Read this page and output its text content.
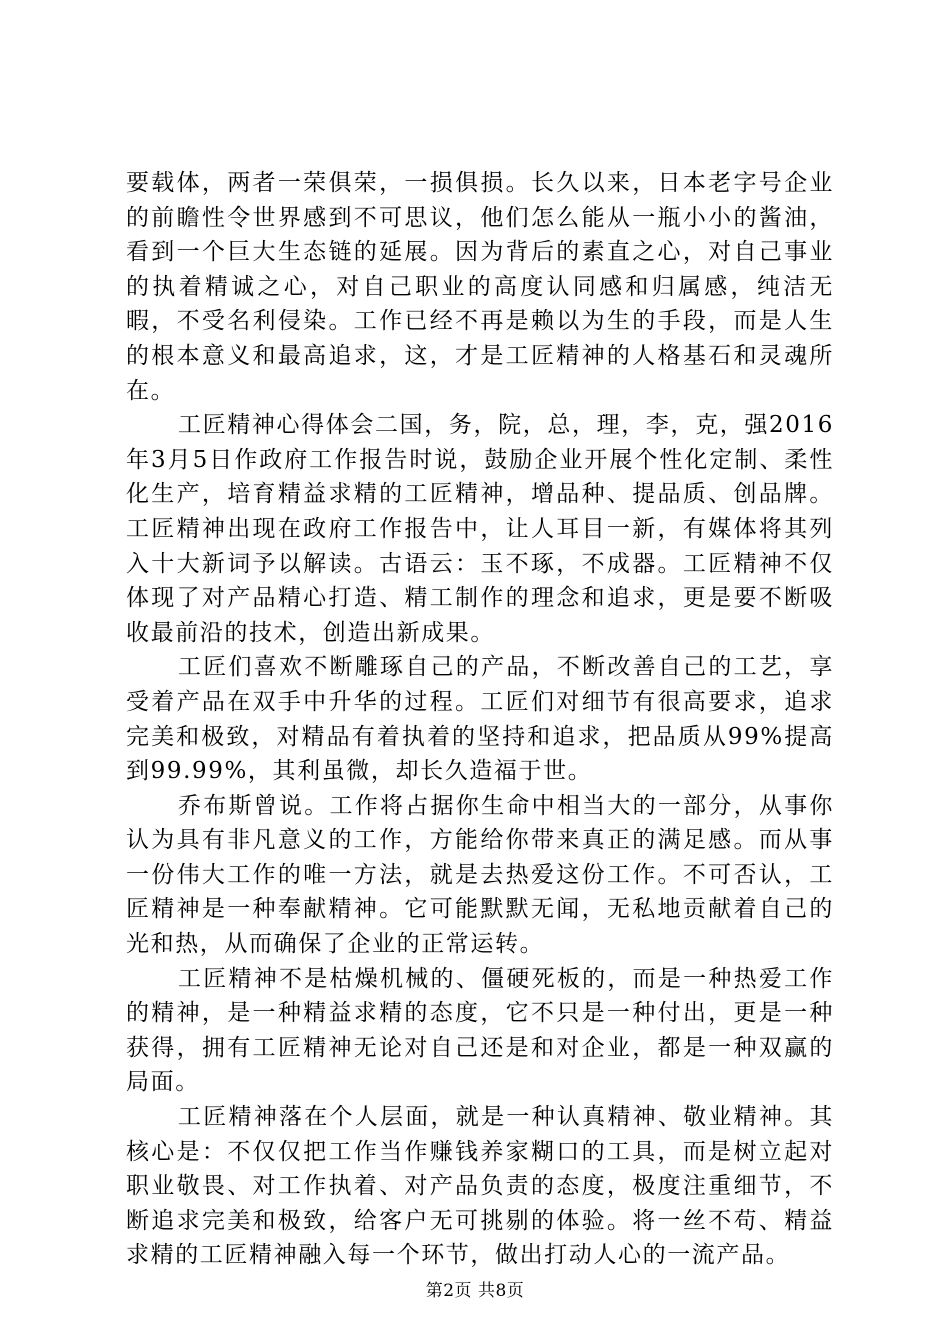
要载体，两者一荣俱荣，一损俱损。长久以来，日本老字号企业的前瞻性令世界感到不可思议，他们怎么能从一瓶小小的酱油，看到一个巨大生态链的延展。因为背后的素直之心，对自己事业的执着精诚之心，对自己职业的高度认同感和归属感，纯洁无暇，不受名利侵染。工作已经不再是赖以为生的手段，而是人生的根本意义和最高追求，这，才是工匠精神的人格基石和灵魂所在。

工匠精神心得体会二国，务，院，总，理，李，克，强2016年3月5日作政府工作报告时说，鼓励企业开展个性化定制、柔性化生产，培育精益求精的工匠精神，增品种、提品质、创品牌。工匠精神出现在政府工作报告中，让人耳目一新，有媒体将其列入十大新词予以解读。古语云：玉不琢，不成器。工匠精神不仅体现了对产品精心打造、精工制作的理念和追求，更是要不断吸收最前沿的技术，创造出新成果。

工匠们喜欢不断雕琢自己的产品，不断改善自己的工艺，享受着产品在双手中升华的过程。工匠们对细节有很高要求，追求完美和极致，对精品有着执着的坚持和追求，把品质从99%提高到99.99%，其利虽微，却长久造福于世。

乔布斯曾说。工作将占据你生命中相当大的一部分，从事你认为具有非凡意义的工作，方能给你带来真正的满足感。而从事一份伟大工作的唯一方法，就是去热爱这份工作。不可否认，工匠精神是一种奉献精神。它可能默默无闻，无私地贡献着自己的光和热，从而确保了企业的正常运转。

工匠精神不是枯燥机械的、僵硬死板的，而是一种热爱工作的精神，是一种精益求精的态度，它不只是一种付出，更是一种获得，拥有工匠精神无论对自己还是和对企业，都是一种双赢的局面。

工匠精神落在个人层面，就是一种认真精神、敬业精神。其核心是：不仅仅把工作当作赚钱养家糊口的工具，而是树立起对职业敬畏、对工作执着、对产品负责的态度，极度注重细节，不断追求完美和极致，给客户无可挑剔的体验。将一丝不苟、精益求精的工匠精神融入每一个环节，做出打动人心的一流产品。

第2页 共8页
